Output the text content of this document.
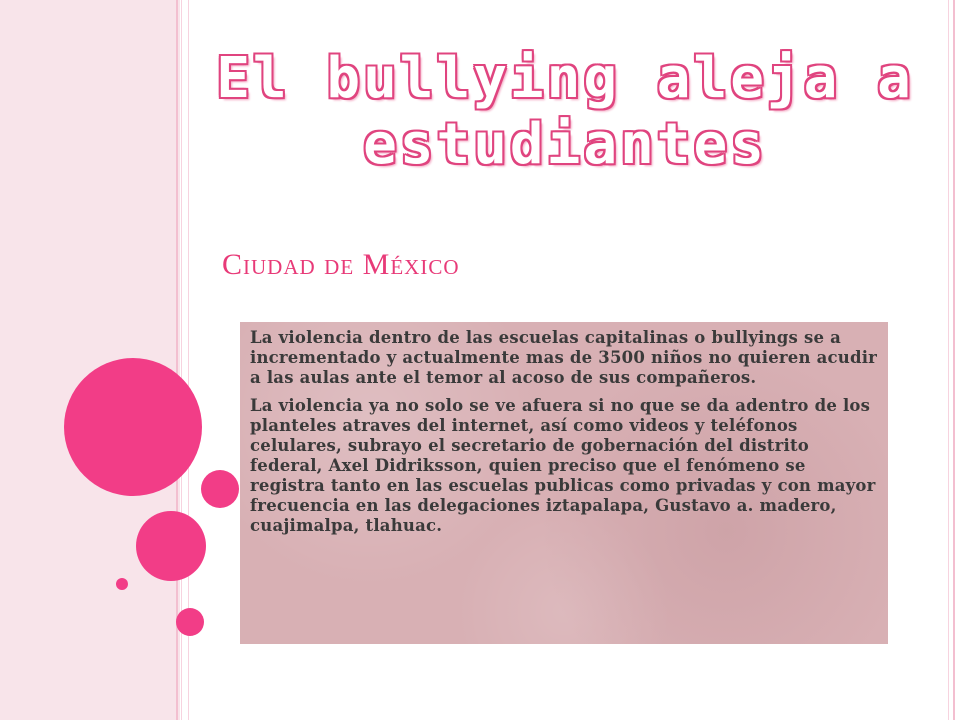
El bullying aleja a estudiantes
Ciudad de México

La violencia dentro de las escuelas capitalinas o bullyings se a incrementado y actualmente mas de 3500 niños no quieren acudir a las aulas ante el temor al acoso de sus compañeros.

La violencia ya no solo se ve afuera si no que se da adentro de los planteles atraves del internet, así como videos y teléfonos celulares, subrayo el secretario de gobernación del distrito federal, Axel Didriksson, quien preciso que el fenómeno se registra tanto en las escuelas publicas como privadas y con mayor frecuencia en las delegaciones iztapalapa, Gustavo a. madero, cuajimalpa, tlahuac.
